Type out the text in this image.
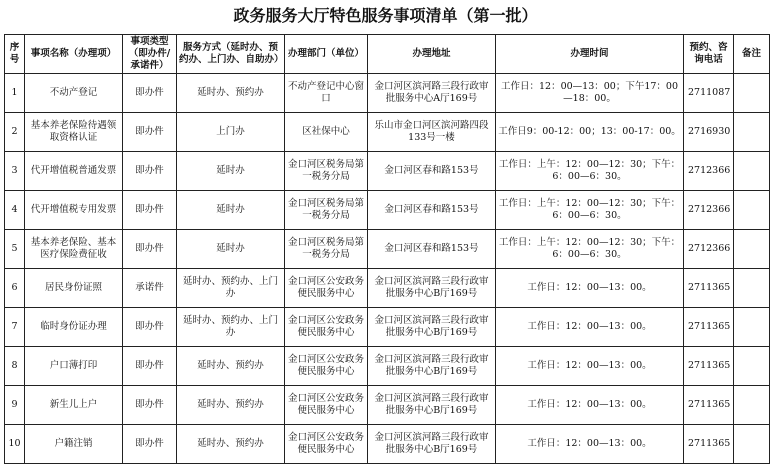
政务服务大厅特色服务事项清单（第一批）
序号	事项名称（办理项）	事项类型（即办件/承诺件）	服务方式（延时办、预约办、上门办、自助办）	办理部门（单位）	办理地址	办理时间	预约、咨询电话	备注
1	不动产登记	即办件	延时办、预约办	不动产登记中心窗口	金口河区滨河路三段行政审批服务中心A厅169号	工作日：12：00—13：00；下午17：00—18：00。	2711087	
2	基本养老保险待遇领取资格认证	即办件	上门办	区社保中心	乐山市金口河区滨河路四段133号一楼	工作日9：00-12：00；13：00-17：00。	2716930	
3	代开增值税普通发票	即办件	延时办	金口河区税务局第一税务分局	金口河区春和路153号	工作日：上午：12：00—12：30；下午：6：00—6：30。	2712366	
4	代开增值税专用发票	即办件	延时办	金口河区税务局第一税务分局	金口河区春和路153号	工作日：上午：12：00—12：30；下午：6：00—6：30。	2712366	
5	基本养老保险、基本医疗保险费征收	即办件	延时办	金口河区税务局第一税务分局	金口河区春和路153号	工作日：上午：12：00—12：30；下午：6：00—6：30。	2712366	
6	居民身份证照	承诺件	延时办、预约办、上门办	金口河区公安政务便民服务中心	金口河区滨河路三段行政审批服务中心B厅169号	工作日：12：00—13：00。	2711365	
7	临时身份证办理	即办件	延时办、预约办、上门办	金口河区公安政务便民服务中心	金口河区滨河路三段行政审批服务中心B厅169号	工作日：12：00—13：00。	2711365	
8	户口薄打印	即办件	延时办、预约办	金口河区公安政务便民服务中心	金口河区滨河路三段行政审批服务中心B厅169号	工作日：12：00—13：00。	2711365	
9	新生儿上户	即办件	延时办、预约办	金口河区公安政务便民服务中心	金口河区滨河路三段行政审批服务中心B厅169号	工作日：12：00—13：00。	2711365	
10	户籍注销	即办件	延时办、预约办	金口河区公安政务便民服务中心	金口河区滨河路三段行政审批服务中心B厅169号	工作日：12：00—13：00。	2711365	
